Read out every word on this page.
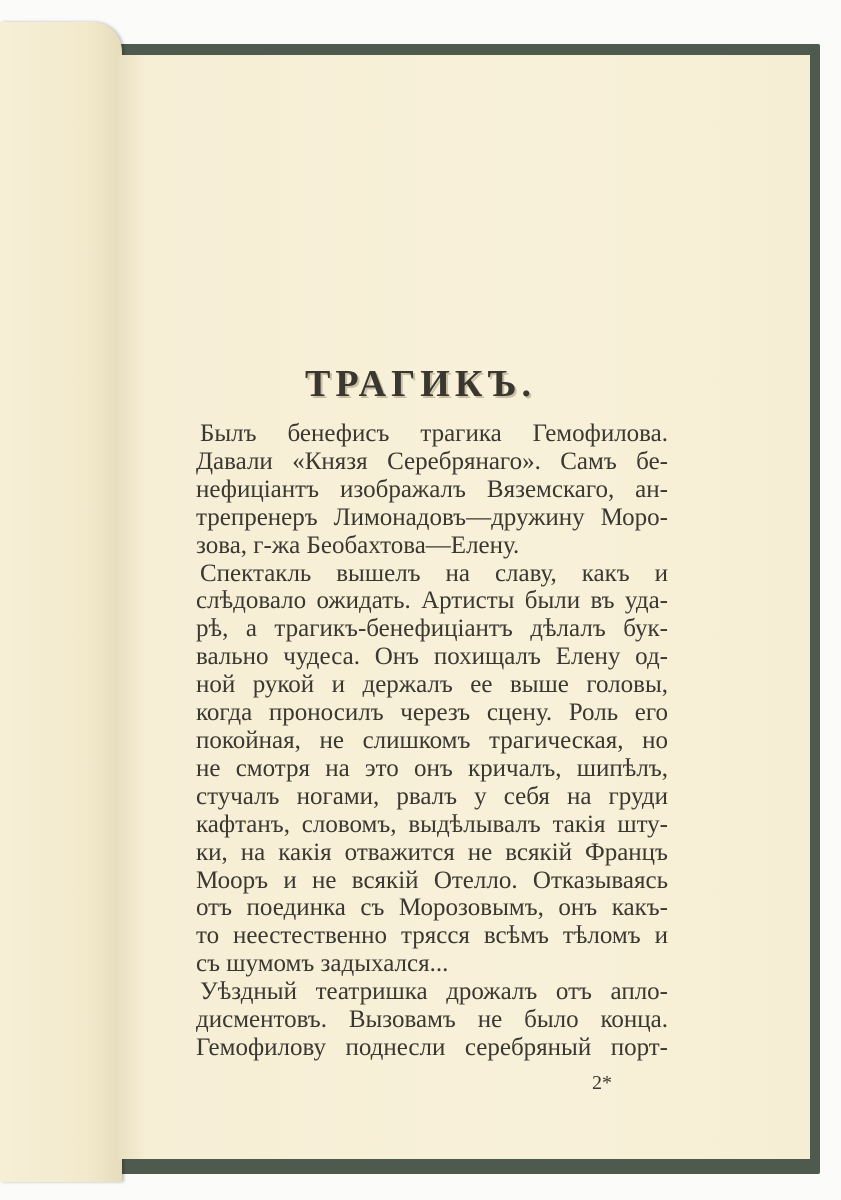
ТРАГИКЪ.
Былъ бенефисъ трагика Гемофилова.
Давали «Князя Серебрянаго». Самъ бе-
нефиціантъ изображалъ Вяземскаго, ан-
трепренеръ Лимонадовъ—дружину Моро-
зова, г-жа Беобахтова—Елену.
Спектакль вышелъ на славу, какъ и
слѣдовало ожидать. Артисты были въ уда-
рѣ, а трагикъ-бенефиціантъ дѣлалъ бук-
вально чудеса. Онъ похищалъ Елену од-
ной рукой и держалъ ее выше головы,
когда проносилъ черезъ сцену. Роль его
покойная, не слишкомъ трагическая, но
не смотря на это онъ кричалъ, шипѣлъ,
стучалъ ногами, рвалъ у себя на груди
кафтанъ, словомъ, выдѣлывалъ такія шту-
ки, на какія отважится не всякій Францъ
Мооръ и не всякій Отелло. Отказываясь
отъ поединка съ Морозовымъ, онъ какъ-
то неестественно трясся всѣмъ тѣломъ и
съ шумомъ задыхался...
Уѣздный театришка дрожалъ отъ апло-
дисментовъ. Вызовамъ не было конца.
Гемофилову поднесли серебряный порт-
2*
